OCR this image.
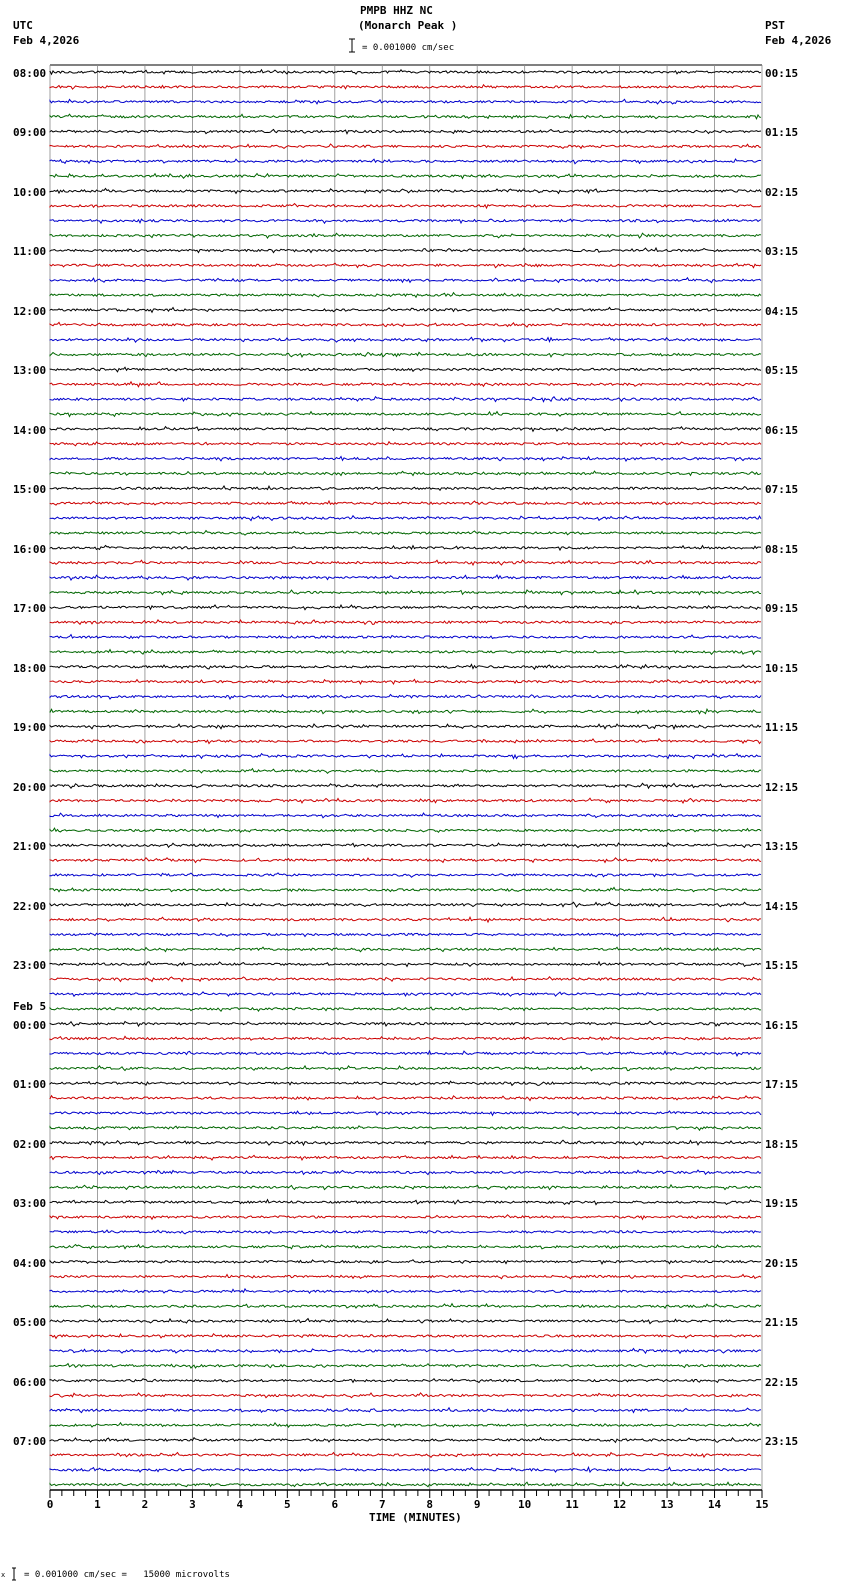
PMPB HHZ NC
(Monarch Peak )
UTC
Feb 4,2026
PST
Feb 4,2026
= 0.001000 cm/sec
TIME (MINUTES)
x = 0.001000 cm/sec =   15000 microvolts
Feb 5
0	1	2	3	4	5	6	7	8	9	10	11	12	13	14	15
08:00
09:00
10:00
11:00
12:00
13:00
14:00
15:00
16:00
17:00
18:00
19:00
20:00
21:00
22:00
23:00
00:00
01:00
02:00
03:00
04:00
05:00
06:00
07:00
00:15
01:15
02:15
03:15
04:15
05:15
06:15
07:15
08:15
09:15
10:15
11:15
12:15
13:15
14:15
15:15
16:15
17:15
18:15
19:15
20:15
21:15
22:15
23:15
